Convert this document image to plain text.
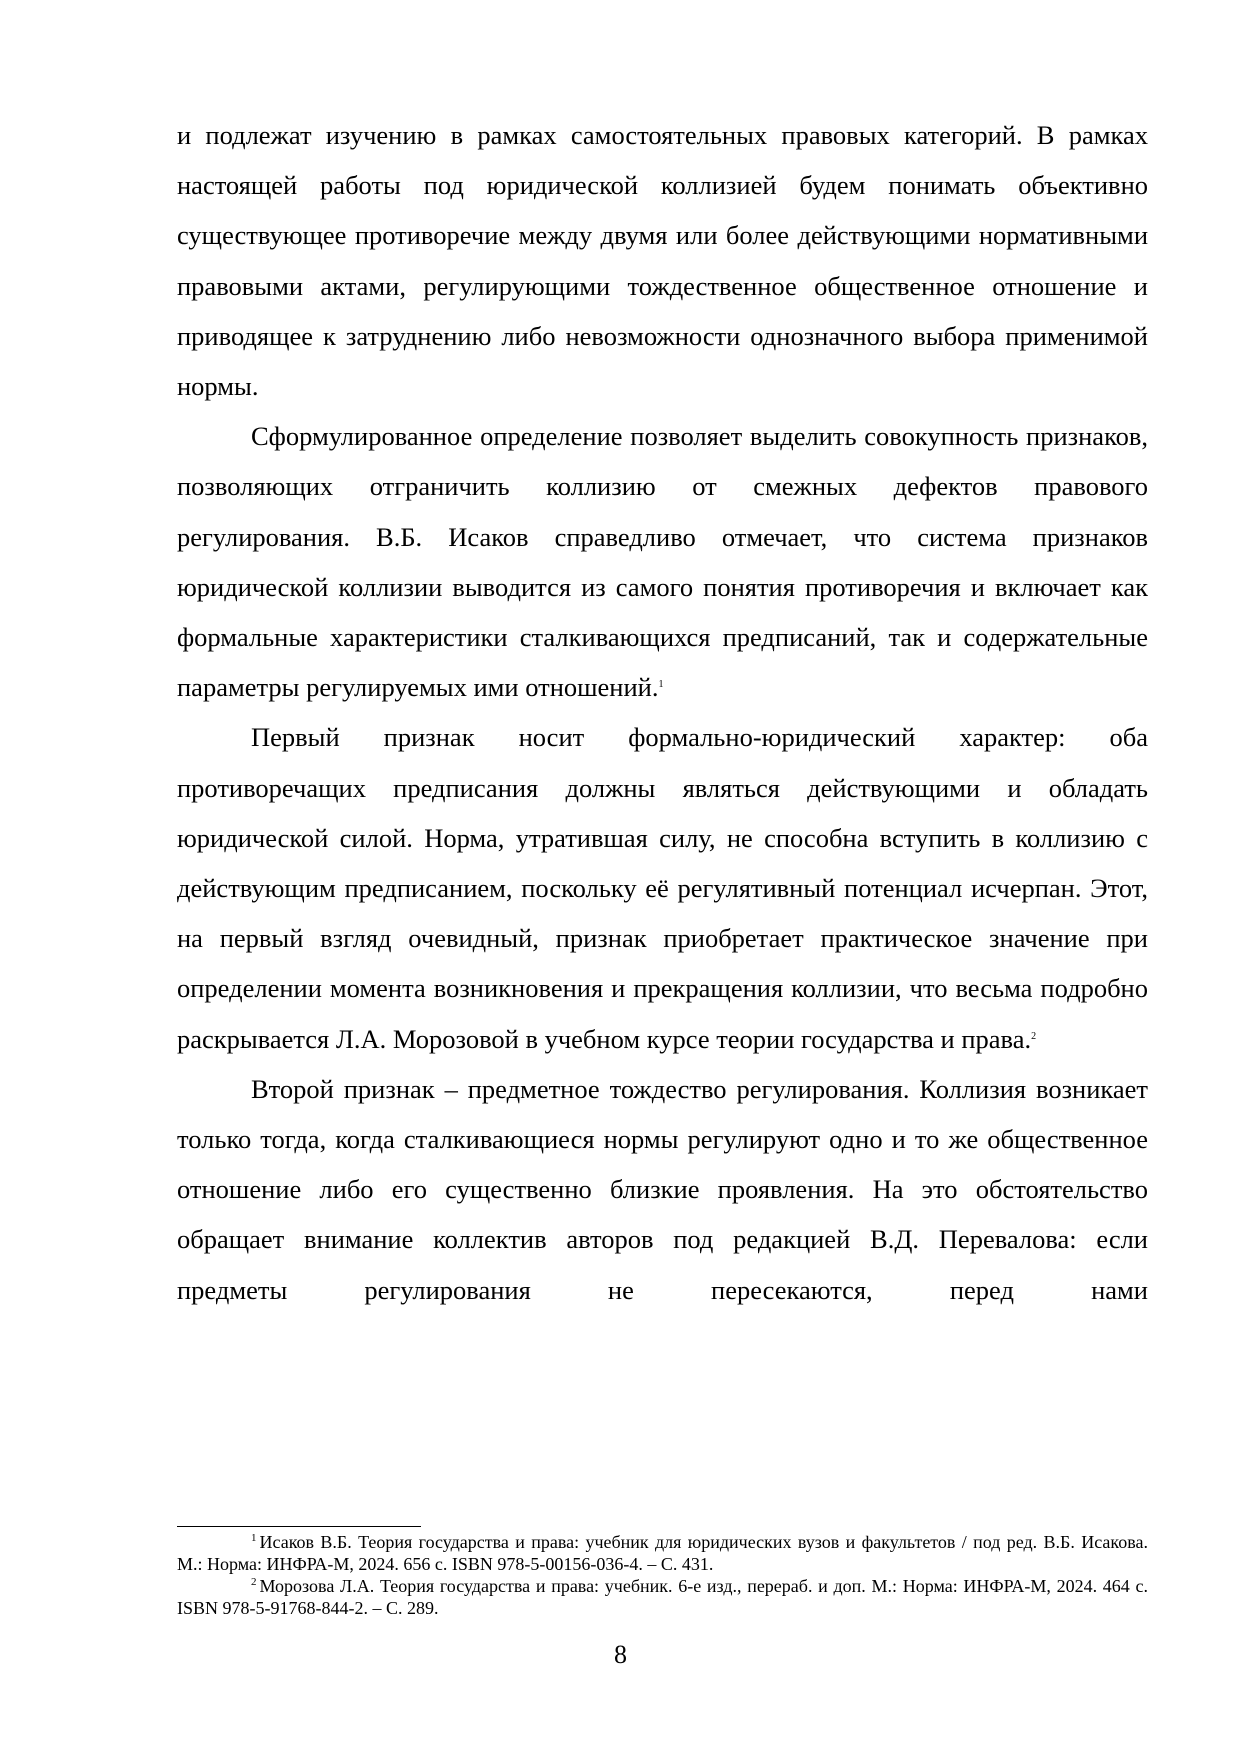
и подлежат изучению в рамках самостоятельных правовых категорий. В рамках настоящей работы под юридической коллизией будем понимать объективно существующее противоречие между двумя или более действующими нормативными правовыми актами, регулирующими тождественное общественное отношение и приводящее к затруднению либо невозможности однозначного выбора применимой нормы.

Сформулированное определение позволяет выделить совокупность признаков, позволяющих отграничить коллизию от смежных дефектов правового регулирования. В.Б. Исаков справедливо отмечает, что система признаков юридической коллизии выводится из самого понятия противоречия и включает как формальные характеристики сталкивающихся предписаний, так и содержательные параметры регулируемых ими отношений.$^1$

Первый признак носит формально-юридический характер: оба противоречащих предписания должны являться действующими и обладать юридической силой. Норма, утратившая силу, не способна вступить в коллизию с действующим предписанием, поскольку её регулятивный потенциал исчерпан. Этот, на первый взгляд очевидный, признак приобретает практическое значение при определении момента возникновения и прекращения коллизии, что весьма подробно раскрывается Л.А. Морозовой в учебном курсе теории государства и права.$^2$

Второй признак – предметное тождество регулирования. Коллизия возникает только тогда, когда сталкивающиеся нормы регулируют одно и то же общественное отношение либо его существенно близкие проявления. На это обстоятельство обращает внимание коллектив авторов под редакцией В.Д. Перевалова: если предметы регулирования не пересекаются, перед нами

$^1$ Исаков В.Б. Теория государства и права: учебник для юридических вузов и факультетов / под ред. В.Б. Исакова. М.: Норма: ИНФРА-М, 2024. 656 с. ISBN 978-5-00156-036-4. – С. 431.

$^2$ Морозова Л.А. Теория государства и права: учебник. 6-е изд., перераб. и доп. М.: Норма: ИНФРА-М, 2024. 464 с. ISBN 978-5-91768-844-2. – С. 289.

8
